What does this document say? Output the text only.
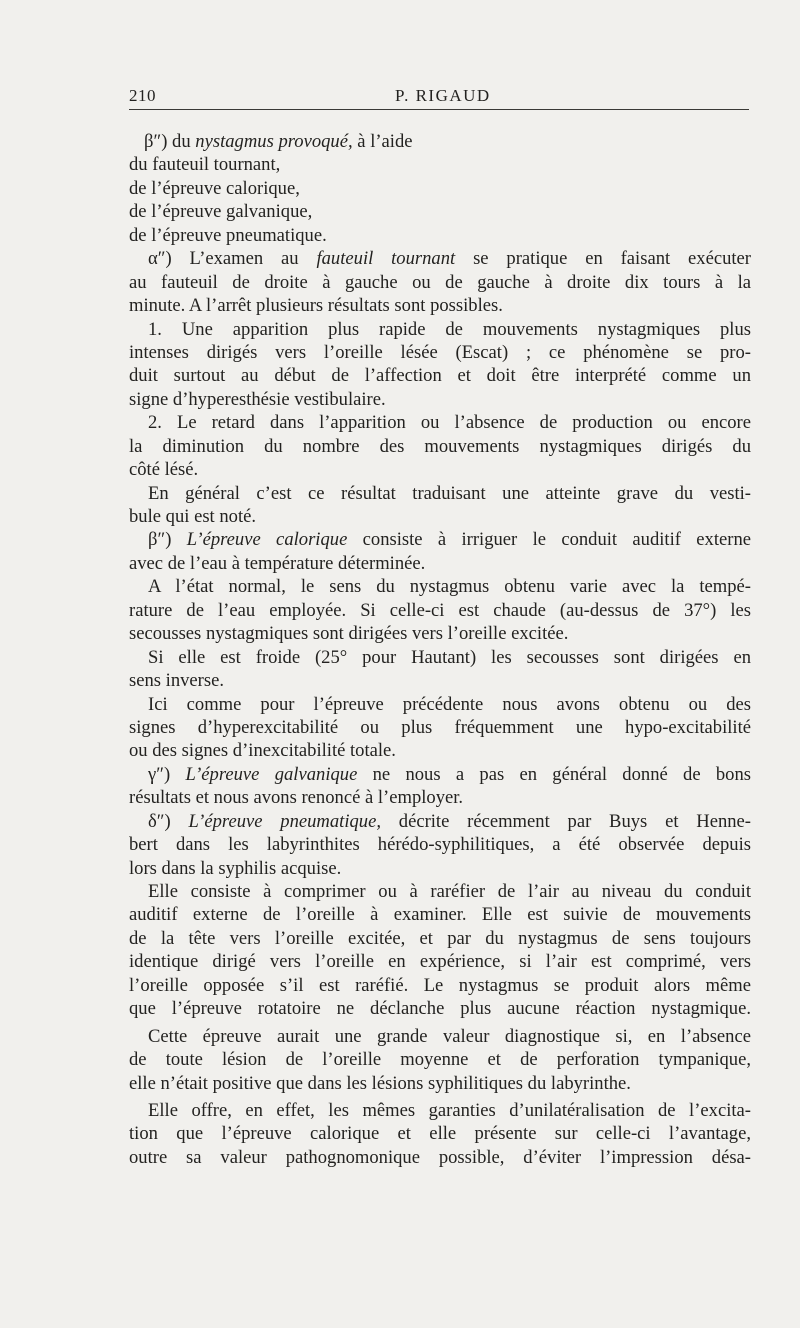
210	P. RIGAUD
β″) du nystagmus provoqué, à l’aide
du fauteuil tournant,
de l’épreuve calorique,
de l’épreuve galvanique,
de l’épreuve pneumatique.
α″) L’examen au fauteuil tournant se pratique en faisant exécuter
au fauteuil de droite à gauche ou de gauche à droite dix tours à la
minute. A l’arrêt plusieurs résultats sont possibles.
1. Une apparition plus rapide de mouvements nystagmiques plus
intenses dirigés vers l’oreille lésée (Escat) ; ce phénomène se pro-
duit surtout au début de l’affection et doit être interprété comme un
signe d’hyperesthésie vestibulaire.
2. Le retard dans l’apparition ou l’absence de production ou encore
la diminution du nombre des mouvements nystagmiques dirigés du
côté lésé.
En général c’est ce résultat traduisant une atteinte grave du vesti-
bule qui est noté.
β″) L’épreuve calorique consiste à irriguer le conduit auditif externe
avec de l’eau à température déterminée.
A l’état normal, le sens du nystagmus obtenu varie avec la tempé-
rature de l’eau employée. Si celle-ci est chaude (au-dessus de 37°) les
secousses nystagmiques sont dirigées vers l’oreille excitée.
Si elle est froide (25° pour Hautant) les secousses sont dirigées en
sens inverse.
Ici comme pour l’épreuve précédente nous avons obtenu ou des
signes d’hyperexcitabilité ou plus fréquemment une hypo-excitabilité
ou des signes d’inexcitabilité totale.
γ″) L’épreuve galvanique ne nous a pas en général donné de bons
résultats et nous avons renoncé à l’employer.
δ″) L’épreuve pneumatique, décrite récemment par Buys et Henne-
bert dans les labyrinthites hérédo-syphilitiques, a été observée depuis
lors dans la syphilis acquise.
Elle consiste à comprimer ou à raréfier de l’air au niveau du conduit
auditif externe de l’oreille à examiner. Elle est suivie de mouvements
de la tête vers l’oreille excitée, et par du nystagmus de sens toujours
identique dirigé vers l’oreille en expérience, si l’air est comprimé, vers
l’oreille opposée s’il est raréfié. Le nystagmus se produit alors même
que l’épreuve rotatoire ne déclanche plus aucune réaction nystagmique.
Cette épreuve aurait une grande valeur diagnostique si, en l’absence
de toute lésion de l’oreille moyenne et de perforation tympanique,
elle n’était positive que dans les lésions syphilitiques du labyrinthe.
Elle offre, en effet, les mêmes garanties d’unilatéralisation de l’excita-
tion que l’épreuve calorique et elle présente sur celle-ci l’avantage,
outre sa valeur pathognomonique possible, d’éviter l’impression désa-
